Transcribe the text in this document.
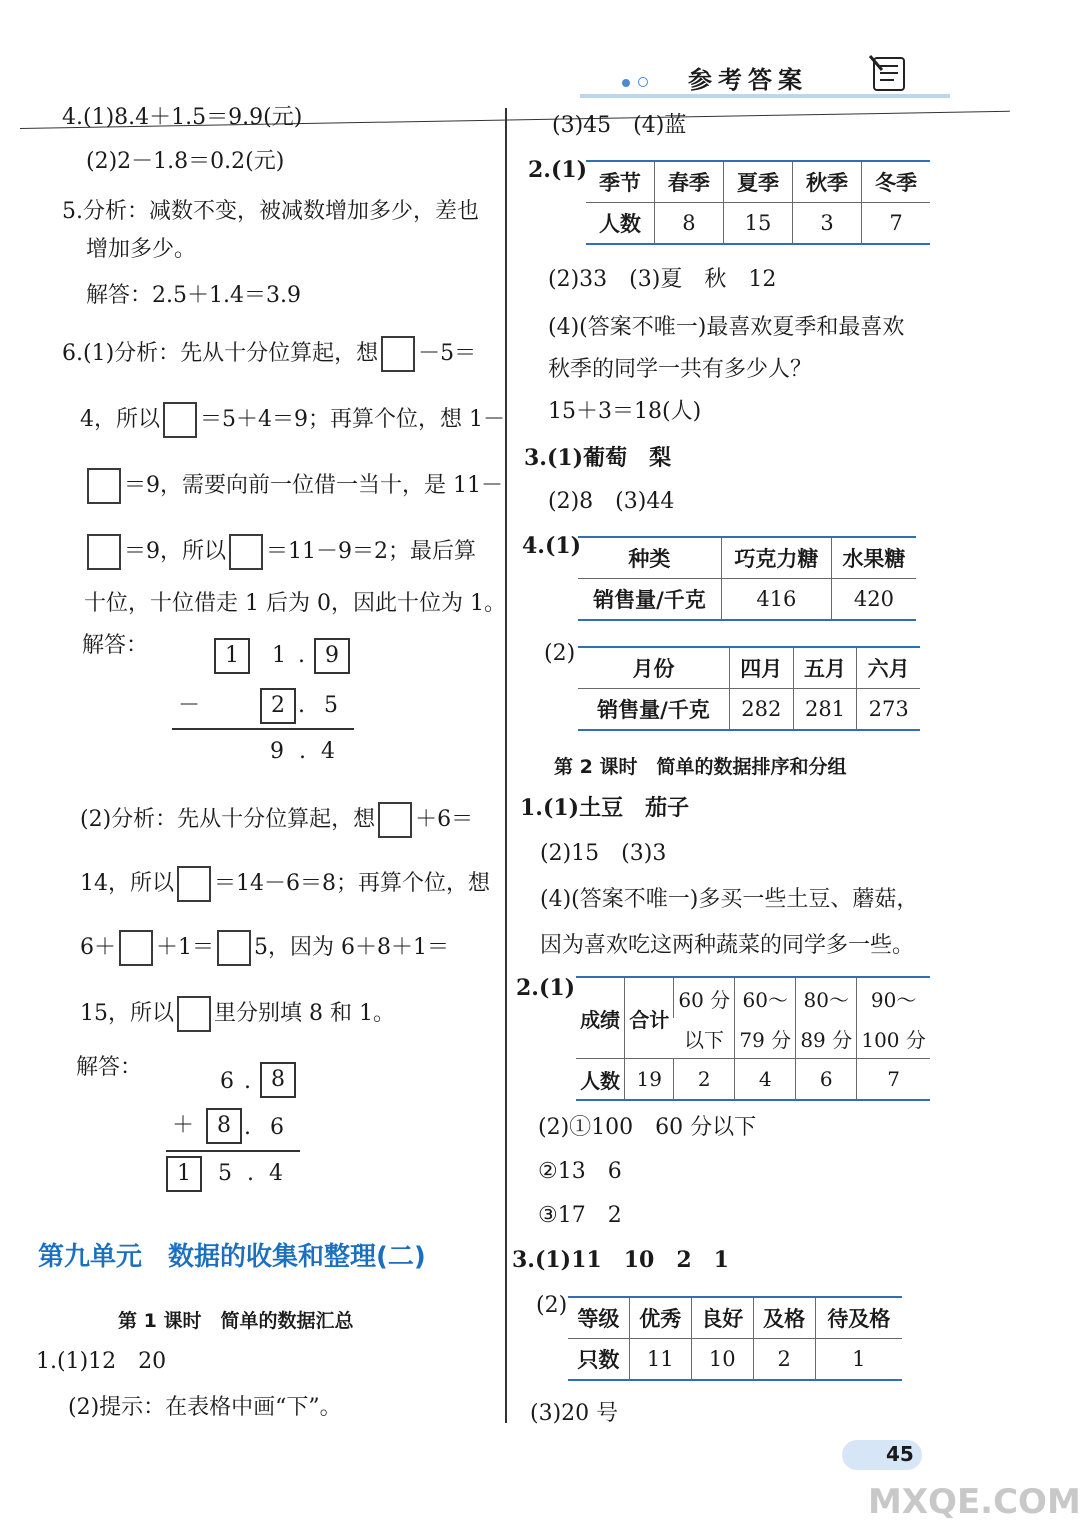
参考答案
4.(1)8.4＋1.5＝9.9(元)
(2)2－1.8＝0.2(元)
5.分析：减数不变，被减数增加多少，差也
增加多少。
解答：2.5＋1.4＝3.9
6.(1)分析：先从十分位算起，想 －5＝
4，所以 ＝5＋4＝9；再算个位，想 1－
＝9，需要向前一位借一当十，是 11－
＝9，所以 ＝11－9＝2；最后算
十位，十位借走 1 后为 0，因此十位为 1。
解答：	1	1 . 9
－	2 . 5
9 . 4
(2)分析：先从十分位算起，想 ＋6＝
14，所以 ＝14－6＝8；再算个位，想
6＋ ＋1＝ 5，因为 6＋8＋1＝
15，所以 里分别填 8 和 1。
解答：
6 . 8
＋	8 . 6
1	5 . 4
第九单元　数据的收集和整理(二)
第 1 课时　简单的数据汇总
1.(1)12　20
(2)提示：在表格中画“下”。
(3)45　(4)蓝
2.(1) 季节	春季	夏季	秋季	冬季
人数	8	15	3	7
(2)33　(3)夏　秋　12
(4)(答案不唯一)最喜欢夏季和最喜欢
秋季的同学一共有多少人？
15＋3＝18(人)
3.(1)葡萄　梨
(2)8　(3)44
4.(1) 种类	巧克力糖	水果糖
销售量/千克	416	420
(2)
月份	四月	五月	六月
销售量/千克	282	281	273
第 2 课时　简单的数据排序和分组
1.(1)土豆　茄子
(2)15　(3)3
(4)(答案不唯一)多买一些土豆、蘑菇，
因为喜欢吃这两种蔬菜的同学多一些。
2.(1)
成绩	合计	60 分	60～	80～	90～
		以下	79 分	89 分	100 分
人数	19	2	4	6	7
(2)①100　60 分以下
②13　6
③17　2
3.(1)11　10　2　1
(2)
等级	优秀	良好	及格	待及格
只数	11	10	2	1
(3)20 号
45
MXQE.COM
